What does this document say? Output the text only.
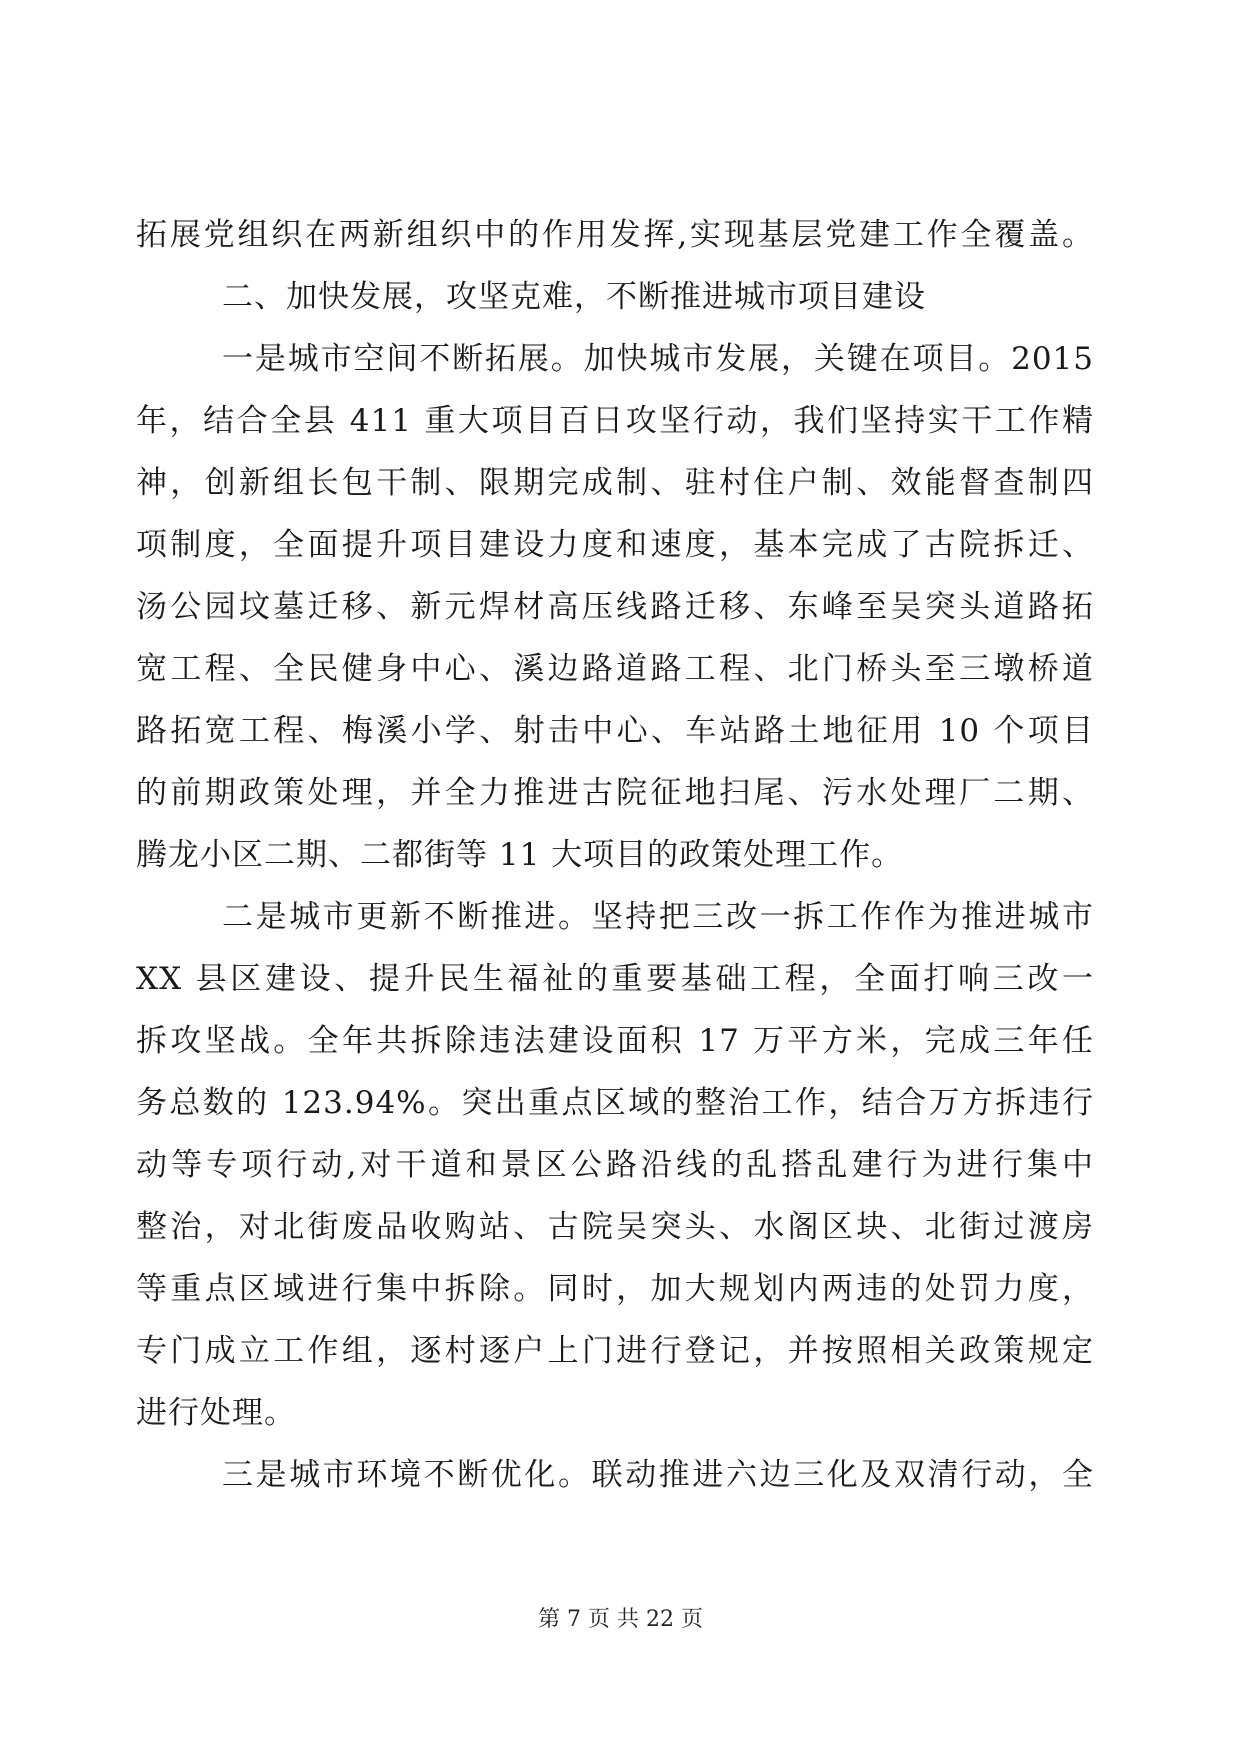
拓展党组织在两新组织中的作用发挥,实现基层党建工作全覆盖。
二、加快发展，攻坚克难，不断推进城市项目建设
一是城市空间不断拓展。加快城市发展，关键在项目。2015
年，结合全县 411 重大项目百日攻坚行动，我们坚持实干工作精
神，创新组长包干制、限期完成制、驻村住户制、效能督查制四
项制度，全面提升项目建设力度和速度，基本完成了古院拆迁、
汤公园坟墓迁移、新元焊材高压线路迁移、东峰至吴突头道路拓
宽工程、全民健身中心、溪边路道路工程、北门桥头至三墩桥道
路拓宽工程、梅溪小学、射击中心、车站路土地征用 10 个项目
的前期政策处理，并全力推进古院征地扫尾、污水处理厂二期、
腾龙小区二期、二都街等 11 大项目的政策处理工作。
二是城市更新不断推进。坚持把三改一拆工作作为推进城市
XX 县区建设、提升民生福祉的重要基础工程，全面打响三改一
拆攻坚战。全年共拆除违法建设面积 17 万平方米，完成三年任
务总数的 123.94%。突出重点区域的整治工作，结合万方拆违行
动等专项行动,对干道和景区公路沿线的乱搭乱建行为进行集中
整治，对北街废品收购站、古院吴突头、水阁区块、北街过渡房
等重点区域进行集中拆除。同时，加大规划内两违的处罚力度，
专门成立工作组，逐村逐户上门进行登记，并按照相关政策规定
进行处理。
三是城市环境不断优化。联动推进六边三化及双清行动，全
第 7 页 共 22 页
